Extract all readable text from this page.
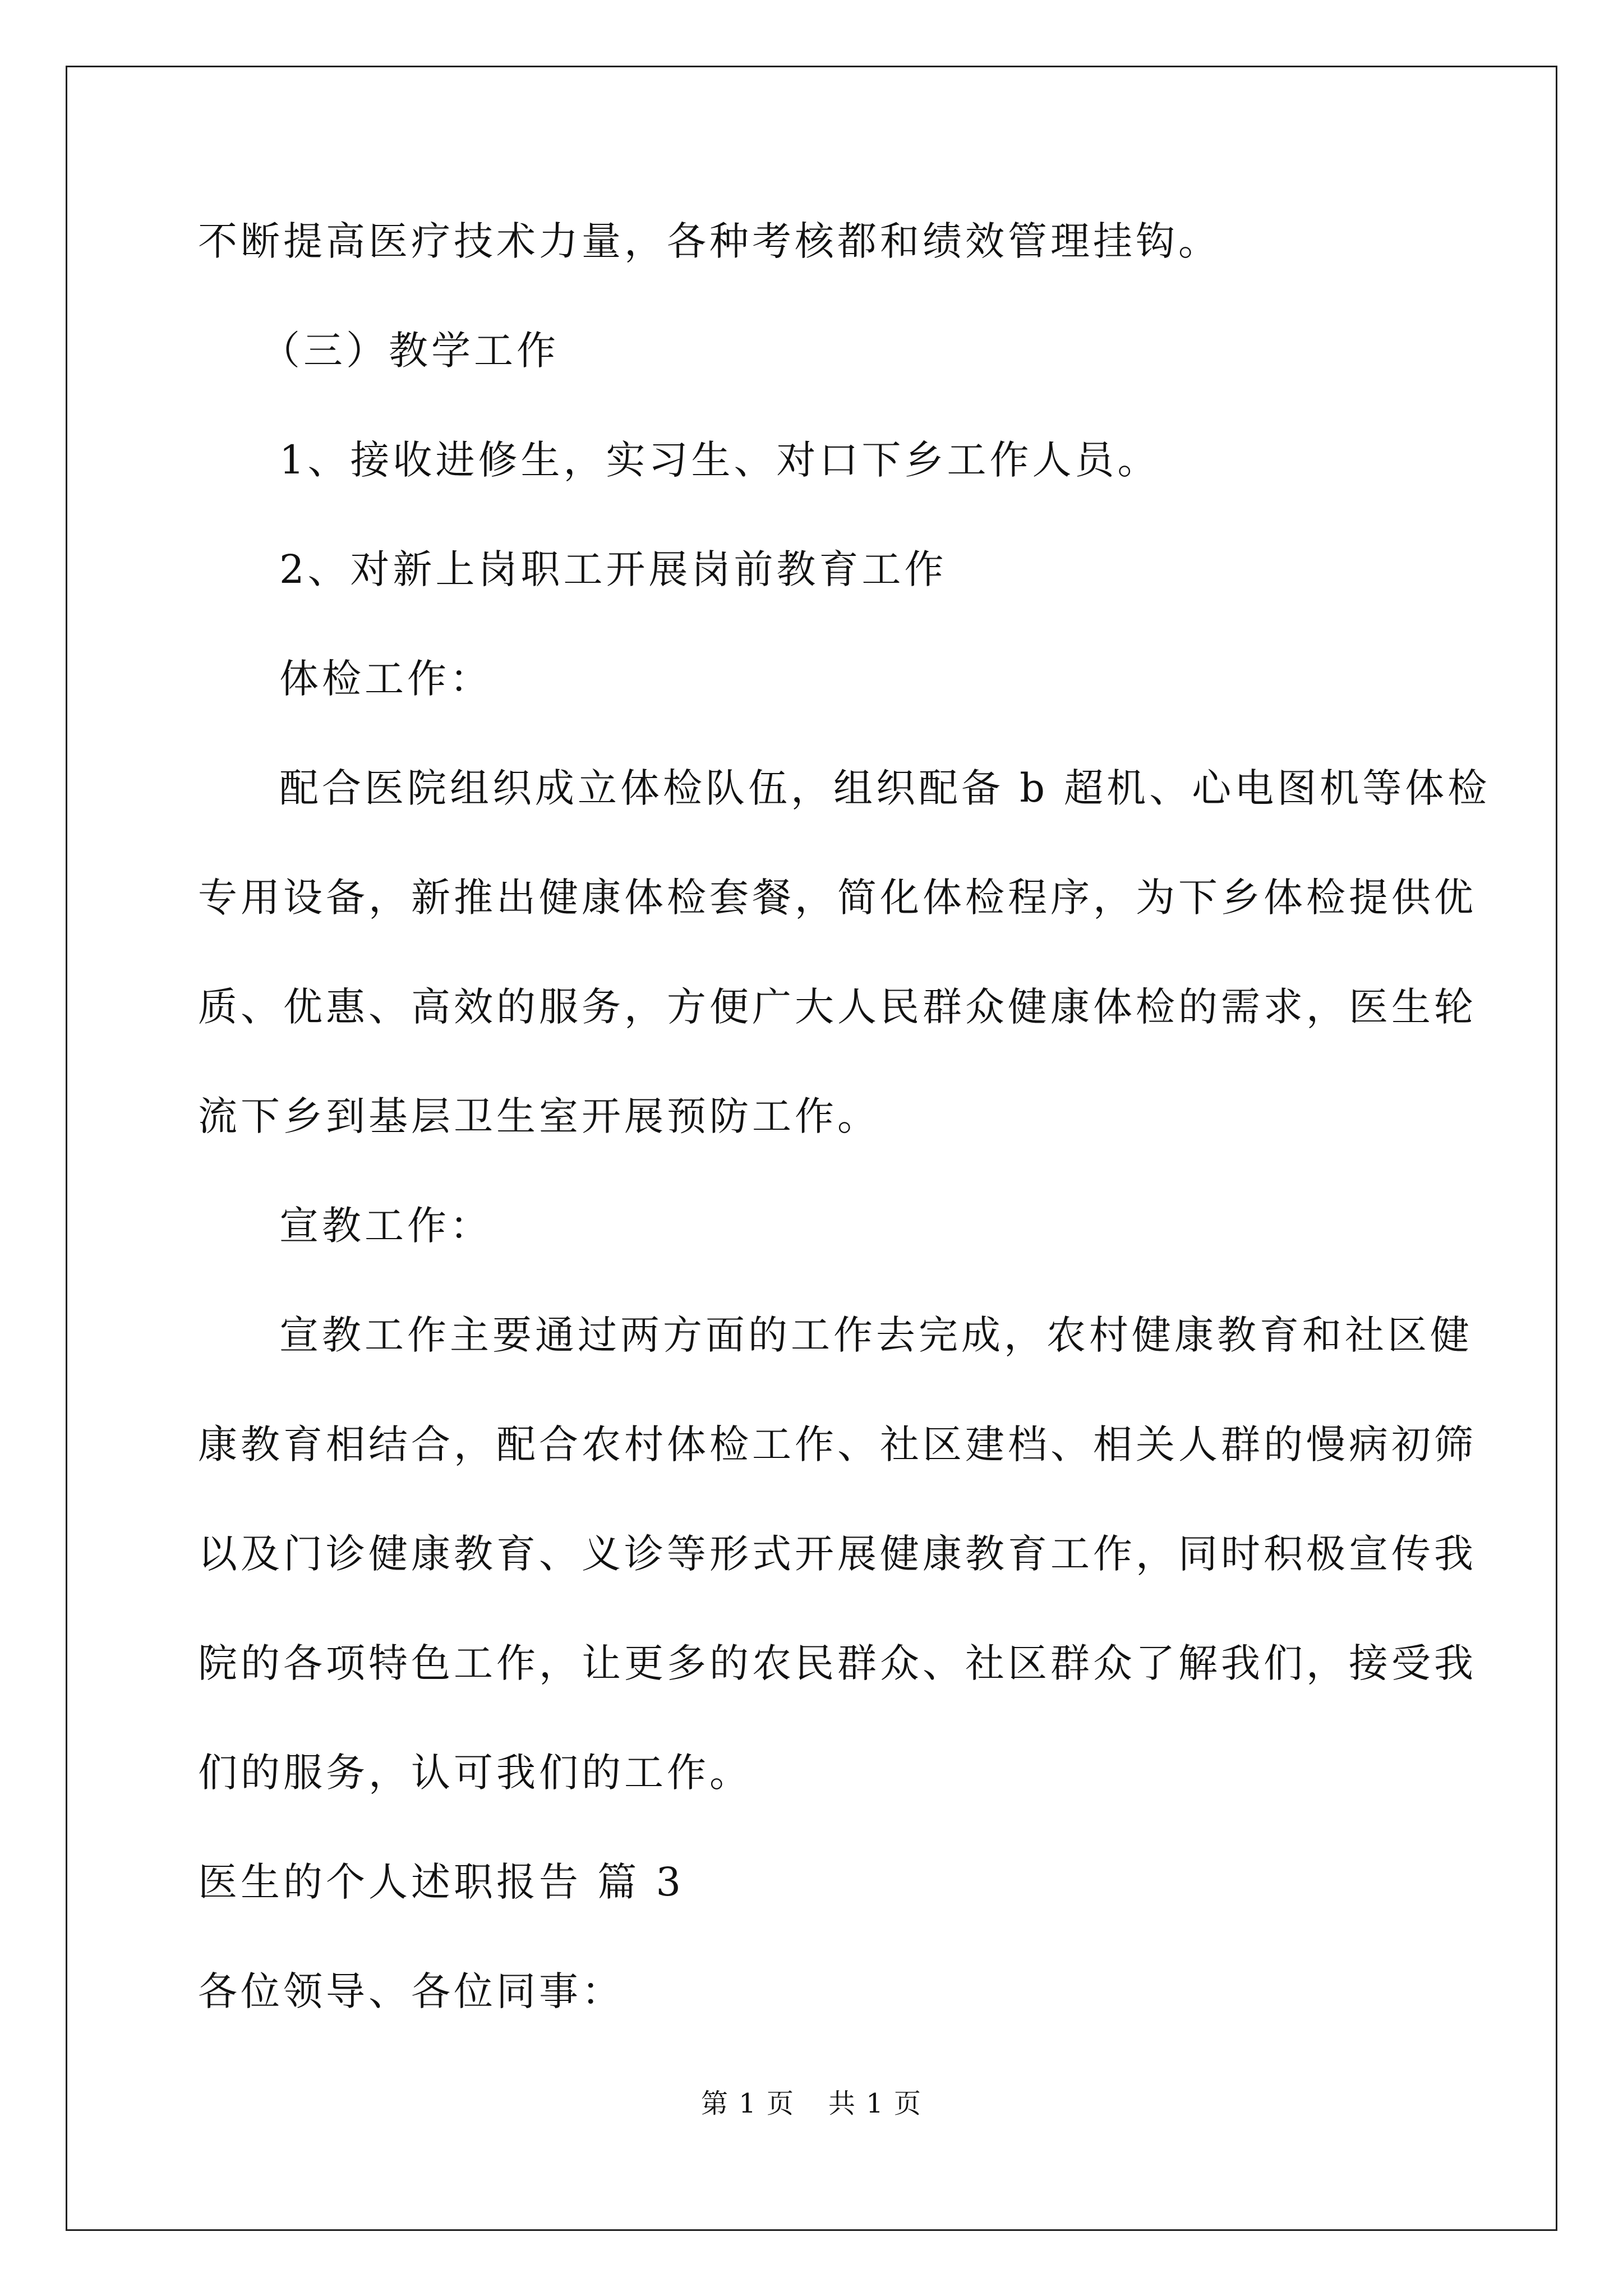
不断提高医疗技术力量，各种考核都和绩效管理挂钩。
（三）教学工作
1、接收进修生，实习生、对口下乡工作人员。
2、对新上岗职工开展岗前教育工作
体检工作：
配合医院组织成立体检队伍，组织配备 b 超机、心电图机等体检
专用设备，新推出健康体检套餐，简化体检程序，为下乡体检提供优
质、优惠、高效的服务，方便广大人民群众健康体检的需求，医生轮
流下乡到基层卫生室开展预防工作。
宣教工作：
宣教工作主要通过两方面的工作去完成，农村健康教育和社区健
康教育相结合，配合农村体检工作、社区建档、相关人群的慢病初筛
以及门诊健康教育、义诊等形式开展健康教育工作，同时积极宣传我
院的各项特色工作，让更多的农民群众、社区群众了解我们，接受我
们的服务，认可我们的工作。
医生的个人述职报告 篇 3
各位领导、各位同事：
第 1 页 共 1 页
